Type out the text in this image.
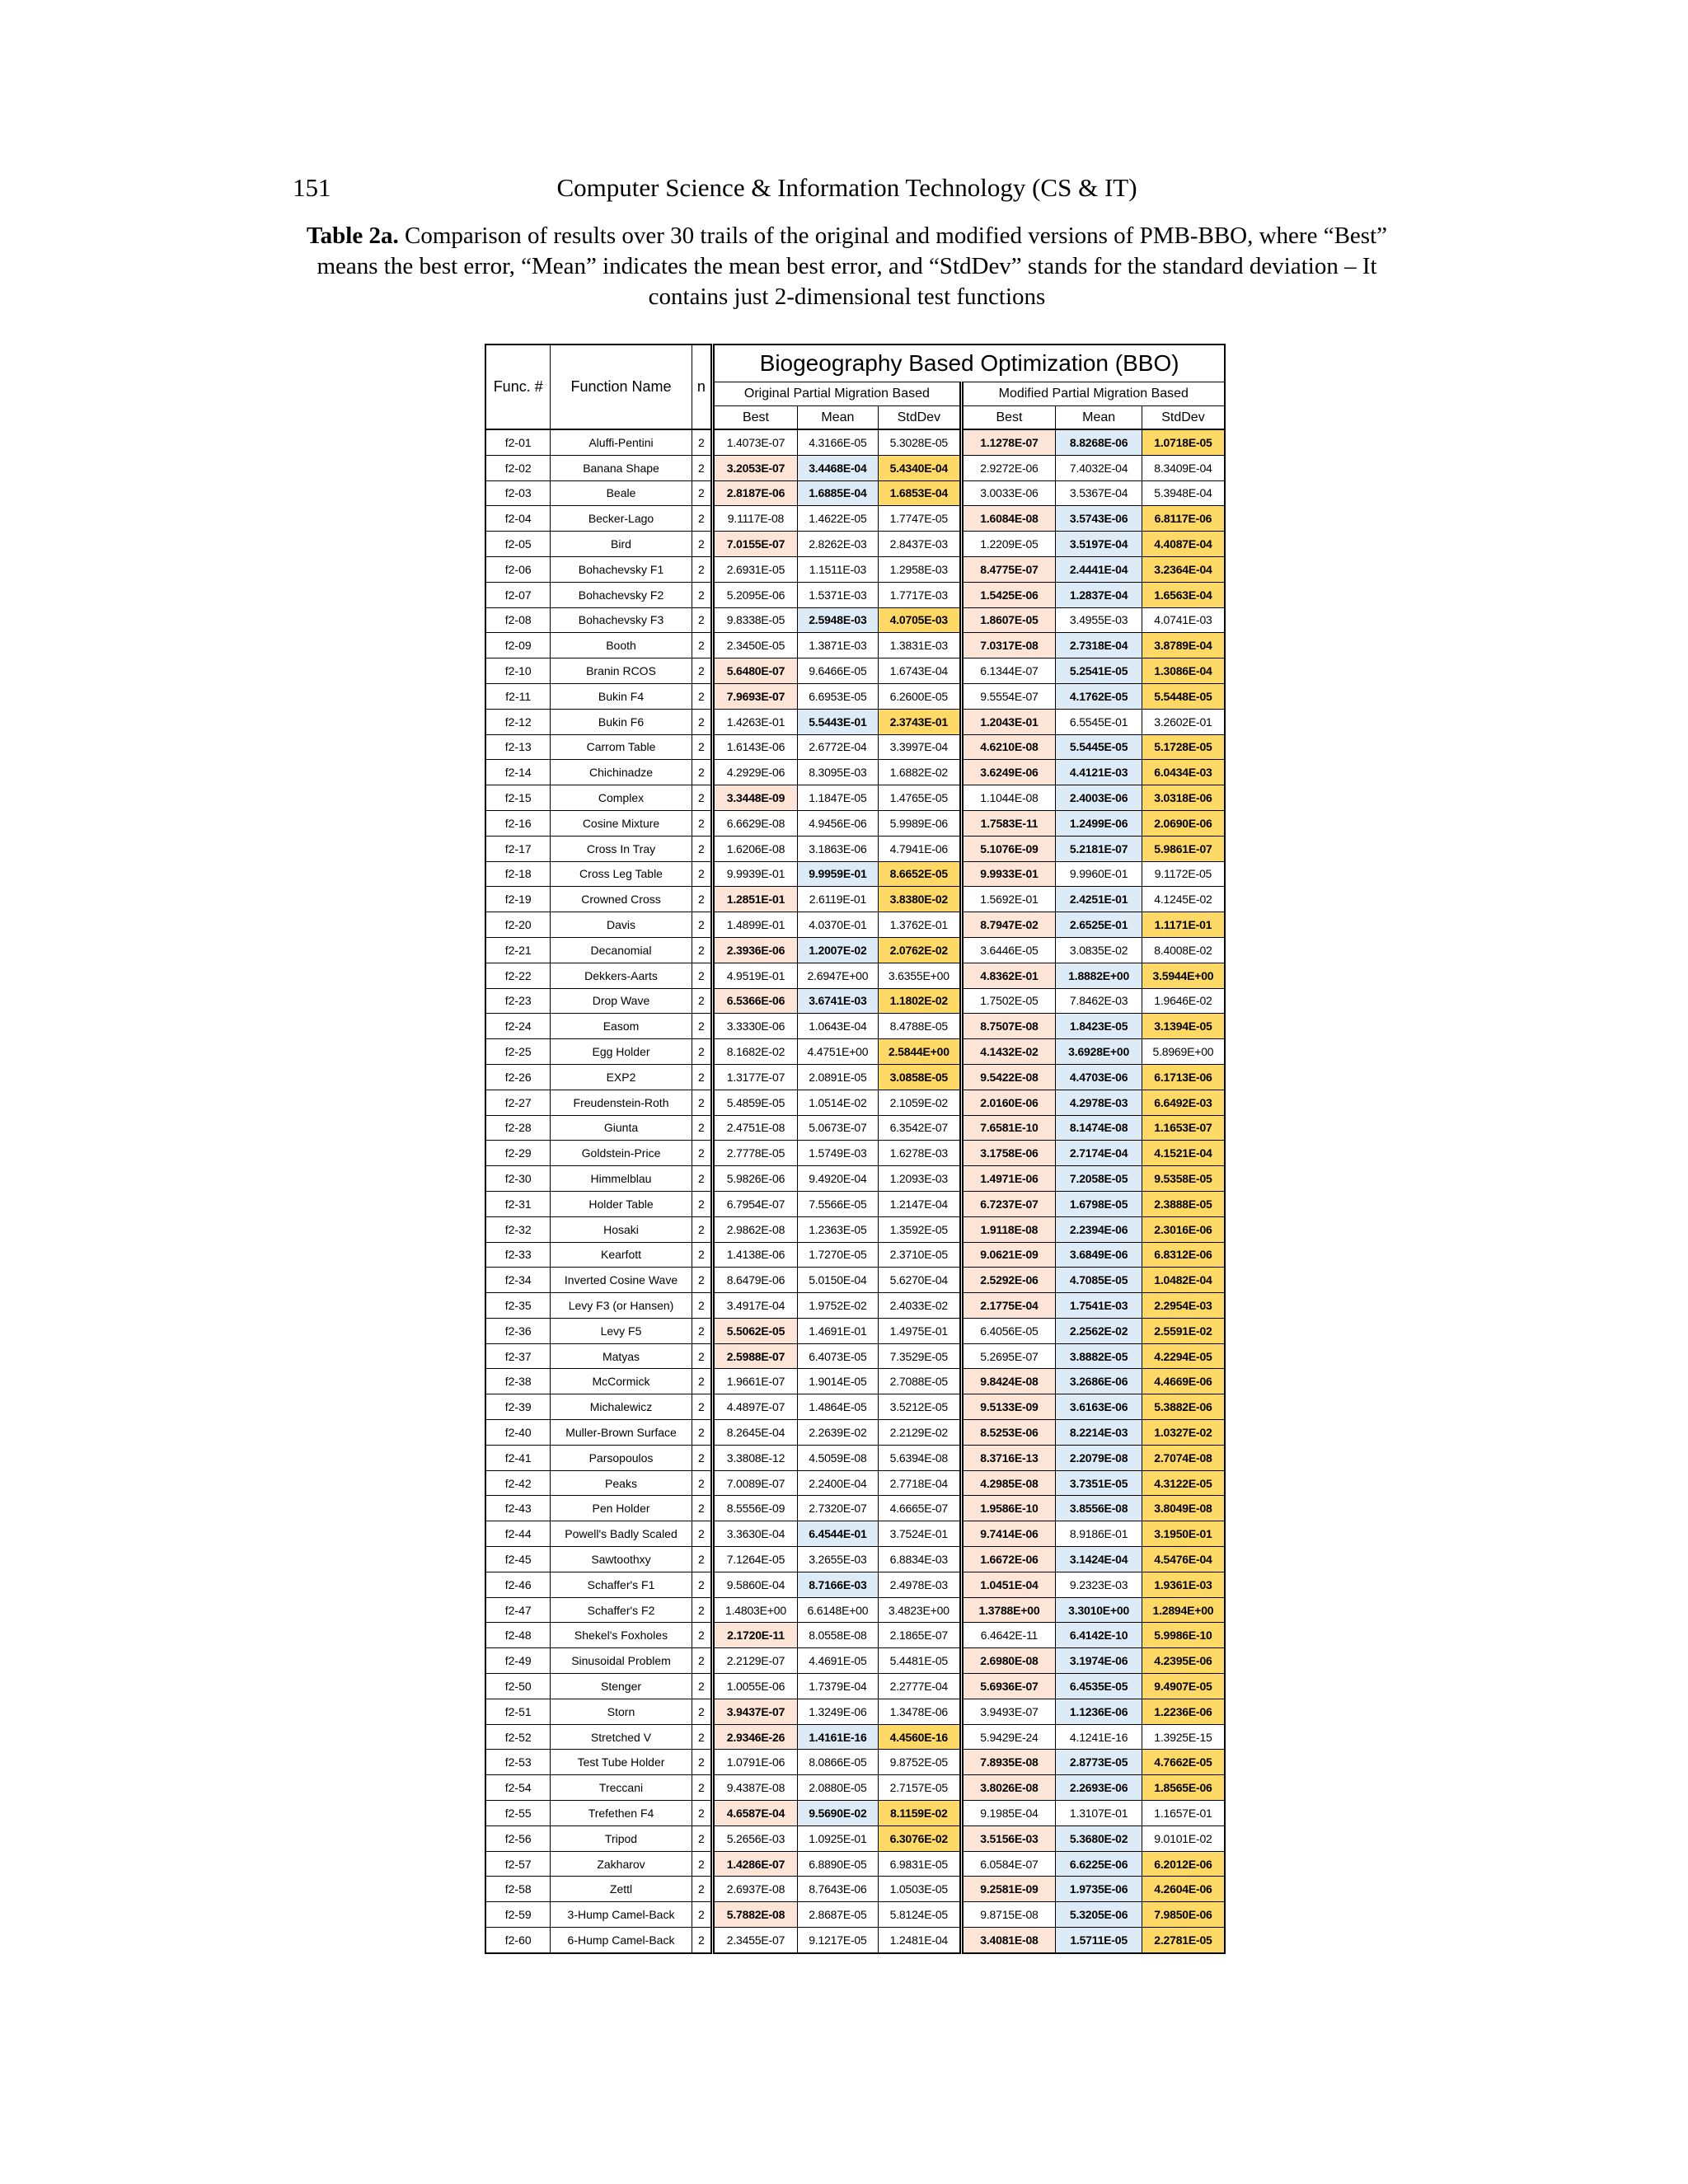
151	Computer Science & Information Technology (CS & IT)
Table 2a. Comparison of results over 30 trails of the original and modified versions of PMB-BBO, where “Best” means the best error, “Mean” indicates the mean best error, and “StdDev” stands for the standard deviation – It contains just 2-dimensional test functions
Func. #	Function Name	n	Biogeography Based Optimization (BBO)					
			Original Partial Migration Based			Modified Partial Migration Based		
			Best	Mean	StdDev	Best	Mean	StdDev
f2-01	Aluffi-Pentini	2	1.4073E-07	4.3166E-05	5.3028E-05	1.1278E-07	8.8268E-06	1.0718E-05
f2-02	Banana Shape	2	3.2053E-07	3.4468E-04	5.4340E-04	2.9272E-06	7.4032E-04	8.3409E-04
f2-03	Beale	2	2.8187E-06	1.6885E-04	1.6853E-04	3.0033E-06	3.5367E-04	5.3948E-04
f2-04	Becker-Lago	2	9.1117E-08	1.4622E-05	1.7747E-05	1.6084E-08	3.5743E-06	6.8117E-06
f2-05	Bird	2	7.0155E-07	2.8262E-03	2.8437E-03	1.2209E-05	3.5197E-04	4.4087E-04
f2-06	Bohachevsky F1	2	2.6931E-05	1.1511E-03	1.2958E-03	8.4775E-07	2.4441E-04	3.2364E-04
f2-07	Bohachevsky F2	2	5.2095E-06	1.5371E-03	1.7717E-03	1.5425E-06	1.2837E-04	1.6563E-04
f2-08	Bohachevsky F3	2	9.8338E-05	2.5948E-03	4.0705E-03	1.8607E-05	3.4955E-03	4.0741E-03
f2-09	Booth	2	2.3450E-05	1.3871E-03	1.3831E-03	7.0317E-08	2.7318E-04	3.8789E-04
f2-10	Branin RCOS	2	5.6480E-07	9.6466E-05	1.6743E-04	6.1344E-07	5.2541E-05	1.3086E-04
f2-11	Bukin F4	2	7.9693E-07	6.6953E-05	6.2600E-05	9.5554E-07	4.1762E-05	5.5448E-05
f2-12	Bukin F6	2	1.4263E-01	5.5443E-01	2.3743E-01	1.2043E-01	6.5545E-01	3.2602E-01
f2-13	Carrom Table	2	1.6143E-06	2.6772E-04	3.3997E-04	4.6210E-08	5.5445E-05	5.1728E-05
f2-14	Chichinadze	2	4.2929E-06	8.3095E-03	1.6882E-02	3.6249E-06	4.4121E-03	6.0434E-03
f2-15	Complex	2	3.3448E-09	1.1847E-05	1.4765E-05	1.1044E-08	2.4003E-06	3.0318E-06
f2-16	Cosine Mixture	2	6.6629E-08	4.9456E-06	5.9989E-06	1.7583E-11	1.2499E-06	2.0690E-06
f2-17	Cross In Tray	2	1.6206E-08	3.1863E-06	4.7941E-06	5.1076E-09	5.2181E-07	5.9861E-07
f2-18	Cross Leg Table	2	9.9939E-01	9.9959E-01	8.6652E-05	9.9933E-01	9.9960E-01	9.1172E-05
f2-19	Crowned Cross	2	1.2851E-01	2.6119E-01	3.8380E-02	1.5692E-01	2.4251E-01	4.1245E-02
f2-20	Davis	2	1.4899E-01	4.0370E-01	1.3762E-01	8.7947E-02	2.6525E-01	1.1171E-01
f2-21	Decanomial	2	2.3936E-06	1.2007E-02	2.0762E-02	3.6446E-05	3.0835E-02	8.4008E-02
f2-22	Dekkers-Aarts	2	4.9519E-01	2.6947E+00	3.6355E+00	4.8362E-01	1.8882E+00	3.5944E+00
f2-23	Drop Wave	2	6.5366E-06	3.6741E-03	1.1802E-02	1.7502E-05	7.8462E-03	1.9646E-02
f2-24	Easom	2	3.3330E-06	1.0643E-04	8.4788E-05	8.7507E-08	1.8423E-05	3.1394E-05
f2-25	Egg Holder	2	8.1682E-02	4.4751E+00	2.5844E+00	4.1432E-02	3.6928E+00	5.8969E+00
f2-26	EXP2	2	1.3177E-07	2.0891E-05	3.0858E-05	9.5422E-08	4.4703E-06	6.1713E-06
f2-27	Freudenstein-Roth	2	5.4859E-05	1.0514E-02	2.1059E-02	2.0160E-06	4.2978E-03	6.6492E-03
f2-28	Giunta	2	2.4751E-08	5.0673E-07	6.3542E-07	7.6581E-10	8.1474E-08	1.1653E-07
f2-29	Goldstein-Price	2	2.7778E-05	1.5749E-03	1.6278E-03	3.1758E-06	2.7174E-04	4.1521E-04
f2-30	Himmelblau	2	5.9826E-06	9.4920E-04	1.2093E-03	1.4971E-06	7.2058E-05	9.5358E-05
f2-31	Holder Table	2	6.7954E-07	7.5566E-05	1.2147E-04	6.7237E-07	1.6798E-05	2.3888E-05
f2-32	Hosaki	2	2.9862E-08	1.2363E-05	1.3592E-05	1.9118E-08	2.2394E-06	2.3016E-06
f2-33	Kearfott	2	1.4138E-06	1.7270E-05	2.3710E-05	9.0621E-09	3.6849E-06	6.8312E-06
f2-34	Inverted Cosine Wave	2	8.6479E-06	5.0150E-04	5.6270E-04	2.5292E-06	4.7085E-05	1.0482E-04
f2-35	Levy F3 (or Hansen)	2	3.4917E-04	1.9752E-02	2.4033E-02	2.1775E-04	1.7541E-03	2.2954E-03
f2-36	Levy F5	2	5.5062E-05	1.4691E-01	1.4975E-01	6.4056E-05	2.2562E-02	2.5591E-02
f2-37	Matyas	2	2.5988E-07	6.4073E-05	7.3529E-05	5.2695E-07	3.8882E-05	4.2294E-05
f2-38	McCormick	2	1.9661E-07	1.9014E-05	2.7088E-05	9.8424E-08	3.2686E-06	4.4669E-06
f2-39	Michalewicz	2	4.4897E-07	1.4864E-05	3.5212E-05	9.5133E-09	3.6163E-06	5.3882E-06
f2-40	Muller-Brown Surface	2	8.2645E-04	2.2639E-02	2.2129E-02	8.5253E-06	8.2214E-03	1.0327E-02
f2-41	Parsopoulos	2	3.3808E-12	4.5059E-08	5.6394E-08	8.3716E-13	2.2079E-08	2.7074E-08
f2-42	Peaks	2	7.0089E-07	2.2400E-04	2.7718E-04	4.2985E-08	3.7351E-05	4.3122E-05
f2-43	Pen Holder	2	8.5556E-09	2.7320E-07	4.6665E-07	1.9586E-10	3.8556E-08	3.8049E-08
f2-44	Powell's Badly Scaled	2	3.3630E-04	6.4544E-01	3.7524E-01	9.7414E-06	8.9186E-01	3.1950E-01
f2-45	Sawtoothxy	2	7.1264E-05	3.2655E-03	6.8834E-03	1.6672E-06	3.1424E-04	4.5476E-04
f2-46	Schaffer's F1	2	9.5860E-04	8.7166E-03	2.4978E-03	1.0451E-04	9.2323E-03	1.9361E-03
f2-47	Schaffer's F2	2	1.4803E+00	6.6148E+00	3.4823E+00	1.3788E+00	3.3010E+00	1.2894E+00
f2-48	Shekel's Foxholes	2	2.1720E-11	8.0558E-08	2.1865E-07	6.4642E-11	6.4142E-10	5.9986E-10
f2-49	Sinusoidal Problem	2	2.2129E-07	4.4691E-05	5.4481E-05	2.6980E-08	3.1974E-06	4.2395E-06
f2-50	Stenger	2	1.0055E-06	1.7379E-04	2.2777E-04	5.6936E-07	6.4535E-05	9.4907E-05
f2-51	Storn	2	3.9437E-07	1.3249E-06	1.3478E-06	3.9493E-07	1.1236E-06	1.2236E-06
f2-52	Stretched V	2	2.9346E-26	1.4161E-16	4.4560E-16	5.9429E-24	4.1241E-16	1.3925E-15
f2-53	Test Tube Holder	2	1.0791E-06	8.0866E-05	9.8752E-05	7.8935E-08	2.8773E-05	4.7662E-05
f2-54	Treccani	2	9.4387E-08	2.0880E-05	2.7157E-05	3.8026E-08	2.2693E-06	1.8565E-06
f2-55	Trefethen F4	2	4.6587E-04	9.5690E-02	8.1159E-02	9.1985E-04	1.3107E-01	1.1657E-01
f2-56	Tripod	2	5.2656E-03	1.0925E-01	6.3076E-02	3.5156E-03	5.3680E-02	9.0101E-02
f2-57	Zakharov	2	1.4286E-07	6.8890E-05	6.9831E-05	6.0584E-07	6.6225E-06	6.2012E-06
f2-58	Zettl	2	2.6937E-08	8.7643E-06	1.0503E-05	9.2581E-09	1.9735E-06	4.2604E-06
f2-59	3-Hump Camel-Back	2	5.7882E-08	2.8687E-05	5.8124E-05	9.8715E-08	5.3205E-06	7.9850E-06
f2-60	6-Hump Camel-Back	2	2.3455E-07	9.1217E-05	1.2481E-04	3.4081E-08	1.5711E-05	2.2781E-05
